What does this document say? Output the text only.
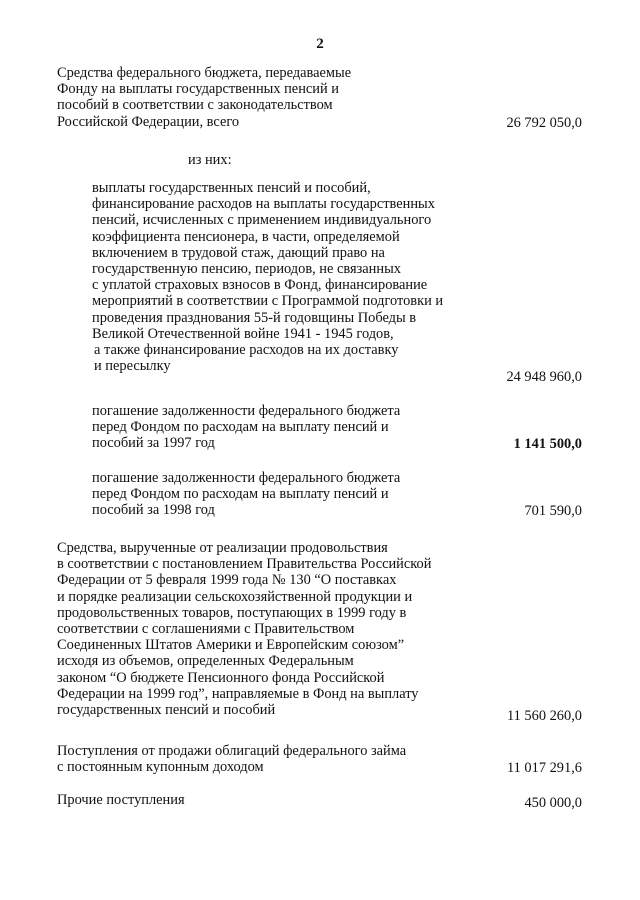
2
Средства федерального бюджета, передаваемые
Фонду на выплаты государственных пенсий и
пособий в соответствии с законодательством
Российской Федерации, всего	26 792 050,0
из них:
выплаты государственных пенсий и пособий,
финансирование расходов на выплаты государственных
пенсий, исчисленных с применением индивидуального
коэффициента пенсионера, в части, определяемой
включением в трудовой стаж, дающий право на
государственную пенсию, периодов, не связанных
с уплатой страховых взносов в Фонд, финансирование
мероприятий в соответствии с Программой подготовки и
проведения празднования 55-й годовщины Победы в
Великой Отечественной войне 1941 - 1945 годов,
а также финансирование расходов на их доставку
и пересылку
24 948 960,0
погашение задолженности федерального бюджета
перед Фондом по расходам на выплату пенсий и
пособий за 1997 год	1 141 500,0
погашение задолженности федерального бюджета
перед Фондом по расходам на выплату пенсий и
пособий за 1998 год	701 590,0
Средства, вырученные от реализации продовольствия
в соответствии с постановлением Правительства Российской
Федерации от 5 февраля 1999 года № 130 “О поставках
и порядке реализации сельскохозяйственной продукции и
продовольственных товаров, поступающих в 1999 году в
соответствии с соглашениями с Правительством
Соединенных Штатов Америки и Европейским союзом”
исходя из объемов, определенных Федеральным
законом “О бюджете Пенсионного фонда Российской
Федерации на 1999 год”, направляемые в Фонд на выплату
государственных пенсий и пособий	11 560 260,0
Поступления от продажи облигаций федерального займа
с постоянным купонным доходом	11 017 291,6
Прочие поступления	450 000,0
